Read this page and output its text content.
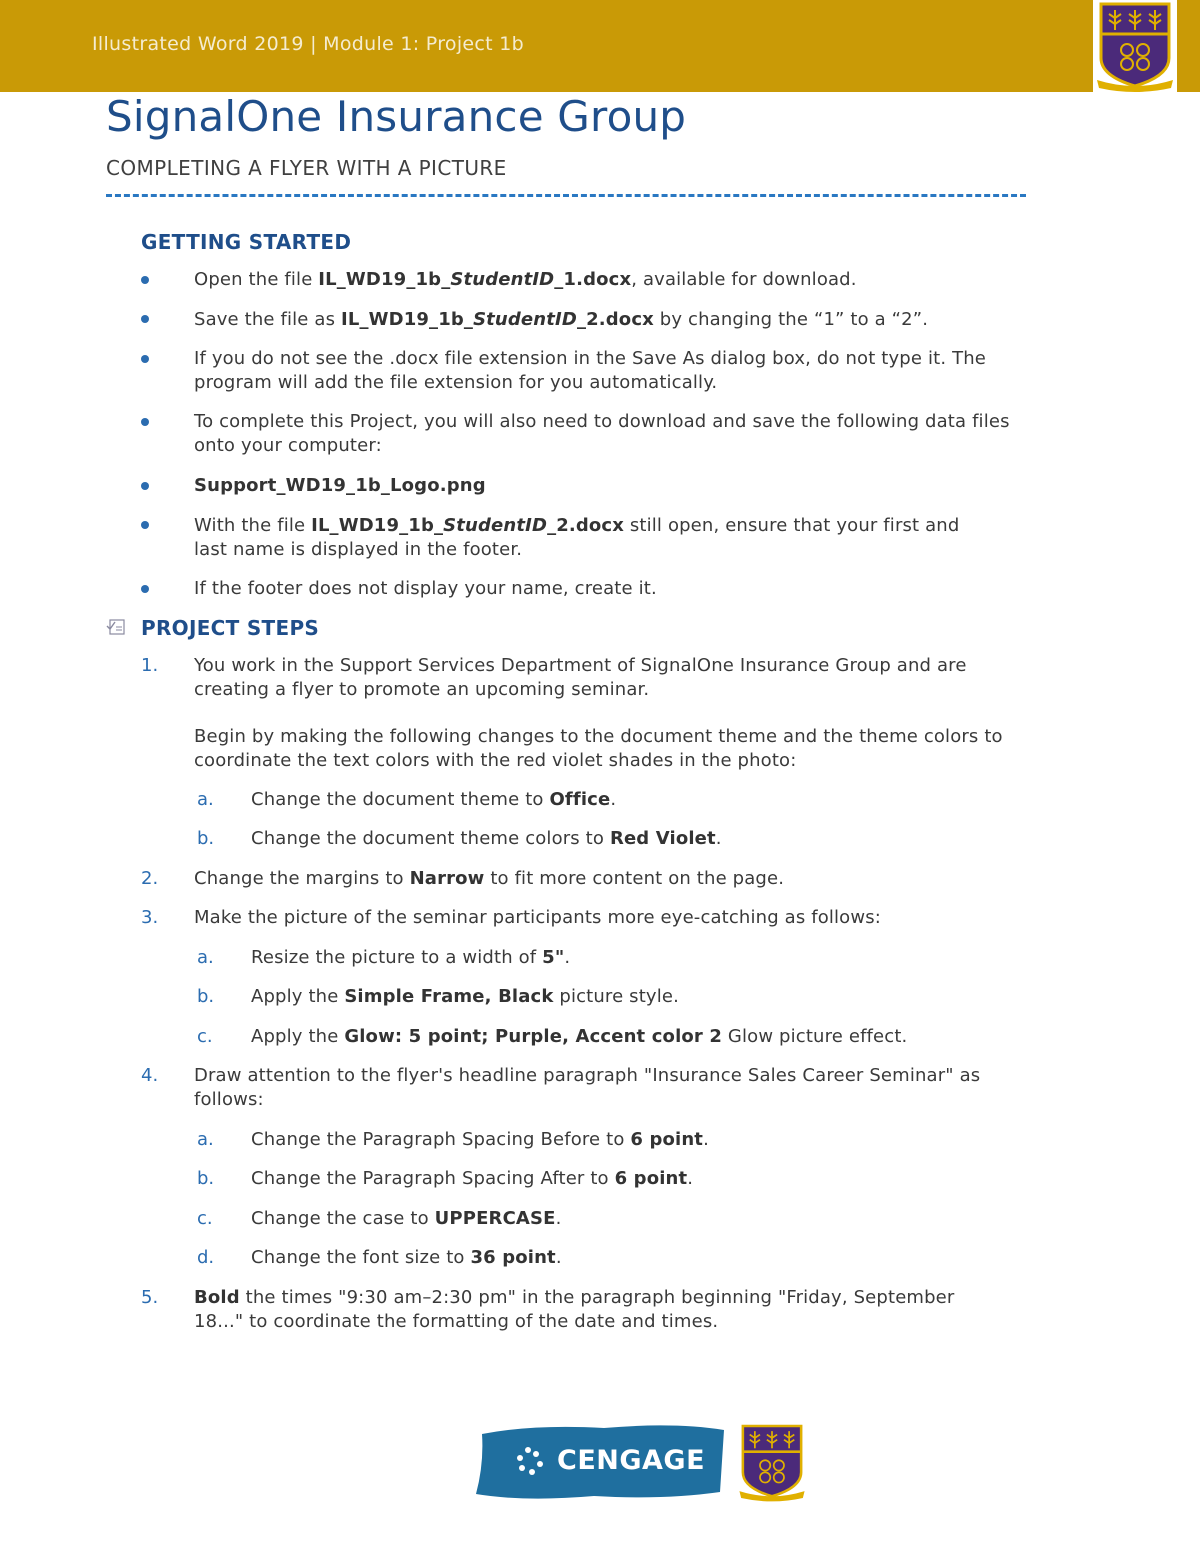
Illustrated Word 2019 | Module 1: Project 1b
SignalOne Insurance Group
COMPLETING A FLYER WITH A PICTURE
GETTING STARTED
Open the file IL_WD19_1b_StudentID_1.docx, available for download.
Save the file as IL_WD19_1b_StudentID_2.docx by changing the “1” to a “2”.
If you do not see the .docx file extension in the Save As dialog box, do not type it. The
program will add the file extension for you automatically.
To complete this Project, you will also need to download and save the following data files
onto your computer:
Support_WD19_1b_Logo.png
With the file IL_WD19_1b_StudentID_2.docx still open, ensure that your first and
last name is displayed in the footer.
If the footer does not display your name, create it.
PROJECT STEPS
1. You work in the Support Services Department of SignalOne Insurance Group and are
creating a flyer to promote an upcoming seminar.
Begin by making the following changes to the document theme and the theme colors to
coordinate the text colors with the red violet shades in the photo:
a. Change the document theme to Office.
b. Change the document theme colors to Red Violet.
2. Change the margins to Narrow to fit more content on the page.
3. Make the picture of the seminar participants more eye-catching as follows:
a. Resize the picture to a width of 5".
b. Apply the Simple Frame, Black picture style.
c. Apply the Glow: 5 point; Purple, Accent color 2 Glow picture effect.
4. Draw attention to the flyer's headline paragraph "Insurance Sales Career Seminar" as
follows:
a. Change the Paragraph Spacing Before to 6 point.
b. Change the Paragraph Spacing After to 6 point.
c. Change the case to UPPERCASE.
d. Change the font size to 36 point.
5. Bold the times "9:30 am–2:30 pm" in the paragraph beginning "Friday, September
18..." to coordinate the formatting of the date and times.
CENGAGE
